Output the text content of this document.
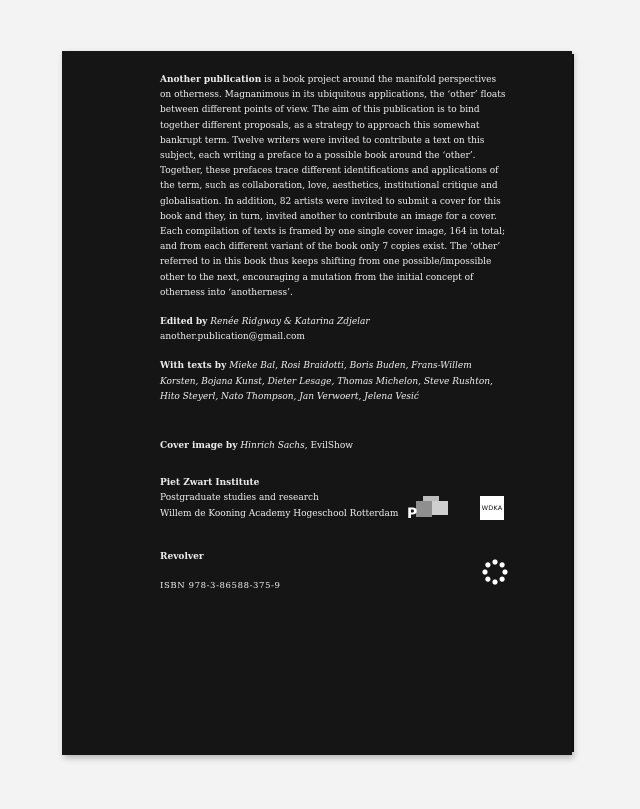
Another publication is a book project around the manifold perspectives on otherness. Magnanimous in its ubiquitous applications, the ‘other’ floats between different points of view. The aim of this publication is to bind together different proposals, as a strategy to approach this somewhat bankrupt term. Twelve writers were invited to contribute a text on this subject, each writing a preface to a possible book around the ‘other’. Together, these prefaces trace different identifications and applications of the term, such as collaboration, love, aesthetics, institutional critique and globalisation. In addition, 82 artists were invited to submit a cover for this book and they, in turn, invited another to contribute an image for a cover. Each compilation of texts is framed by one single cover image, 164 in total; and from each different variant of the book only 7 copies exist. The ‘other’ referred to in this book thus keeps shifting from one possible/impossible other to the next, encouraging a mutation from the initial concept of otherness into ‘anotherness’.

Edited by Renée Ridgway & Katarina Zdjelar

another.publication@gmail.com

With texts by Mieke Bal, Rosi Braidotti, Boris Buden, Frans-Willem Korsten, Bojana Kunst, Dieter Lesage, Thomas Michelon, Steve Rushton, Hito Steyerl, Nato Thompson, Jan Verwoert, Jelena Vesić

Cover image by Hinrich Sachs, EvilShow

Piet Zwart Institute

Postgraduate studies and research

Willem de Kooning Academy Hogeschool Rotterdam

Revolver

ISBN 978-3-86588-375-9

P	WDKA
